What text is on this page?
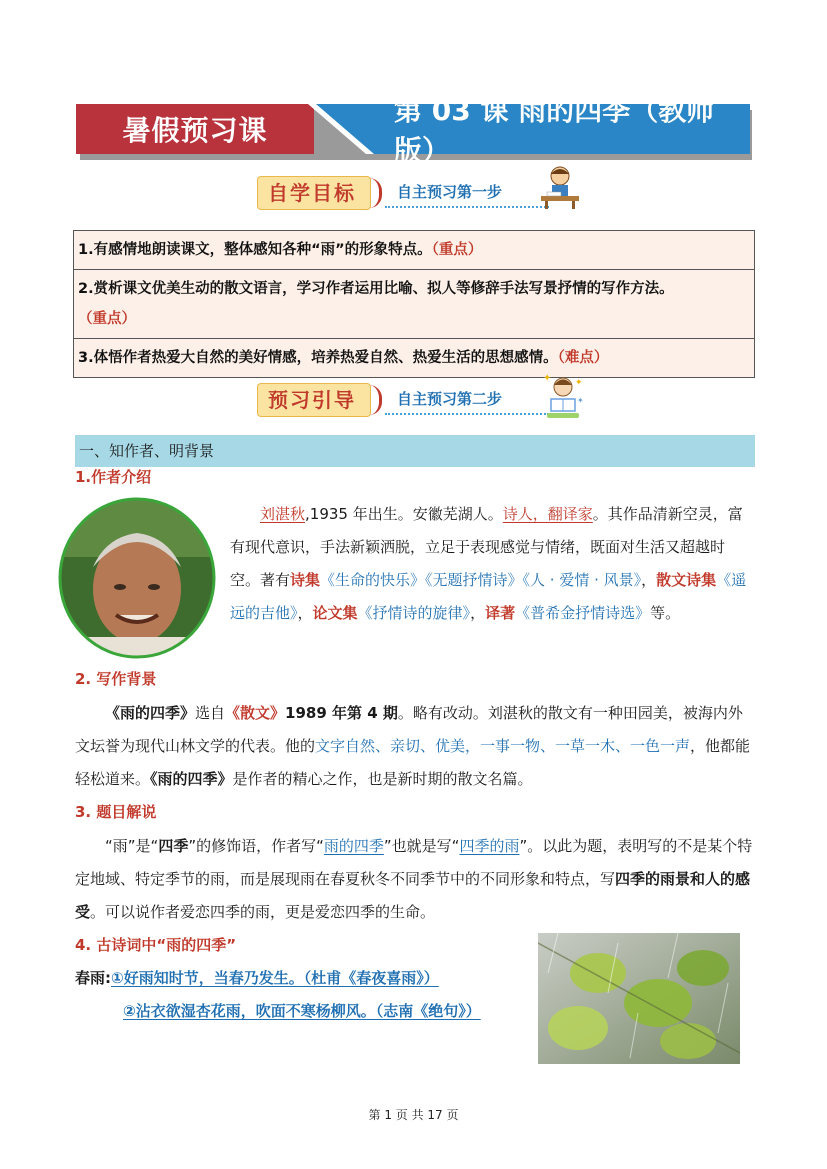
暑假预习课
第 03 课 雨的四季（教师版）
自学目标	自主预习第一步
1.有感情地朗读课文，整体感知各种“雨”的形象特点。（重点）
2.赏析课文优美生动的散文语言，学习作者运用比喻、拟人等修辞手法写景抒情的写作方法。
（重点）
3.体悟作者热爱大自然的美好情感，培养热爱自然、热爱生活的思想感情。（难点）
预习引导	自主预习第二步
✦	✦
✦
一、知作者、明背景
1.作者介绍
刘湛秋,1935 年出生。安徽芜湖人。诗人，翻译家。其作品清新空灵，富有现代意识，手法新颖洒脱，立足于表现感觉与情绪，既面对生活又超越时空。著有诗集《生命的快乐》《无题抒情诗》《人 · 爱情 · 风景》，散文诗集《遥远的吉他》，论文集《抒情诗的旋律》，译著《普希金抒情诗选》等。
2. 写作背景
《雨的四季》选自《散文》1989 年第 4 期。略有改动。刘湛秋的散文有一种田园美，被海内外文坛誉为现代山林文学的代表。他的文字自然、亲切、优美，一事一物、一草一木、一色一声，他都能轻松道来。《雨的四季》是作者的精心之作，也是新时期的散文名篇。
3. 题目解说
“雨”是“四季”的修饰语，作者写“雨的四季”也就是写“四季的雨”。以此为题，表明写的不是某个特定地域、特定季节的雨，而是展现雨在春夏秋冬不同季节中的不同形象和特点，写四季的雨景和人的感受。可以说作者爱恋四季的雨，更是爱恋四季的生命。
4. 古诗词中“雨的四季”
春雨:①好雨知时节，当春乃发生。（杜甫《春夜喜雨》）
②沾衣欲湿杏花雨，吹面不寒杨柳风。（志南《绝句》）
第 1 页 共 17 页
